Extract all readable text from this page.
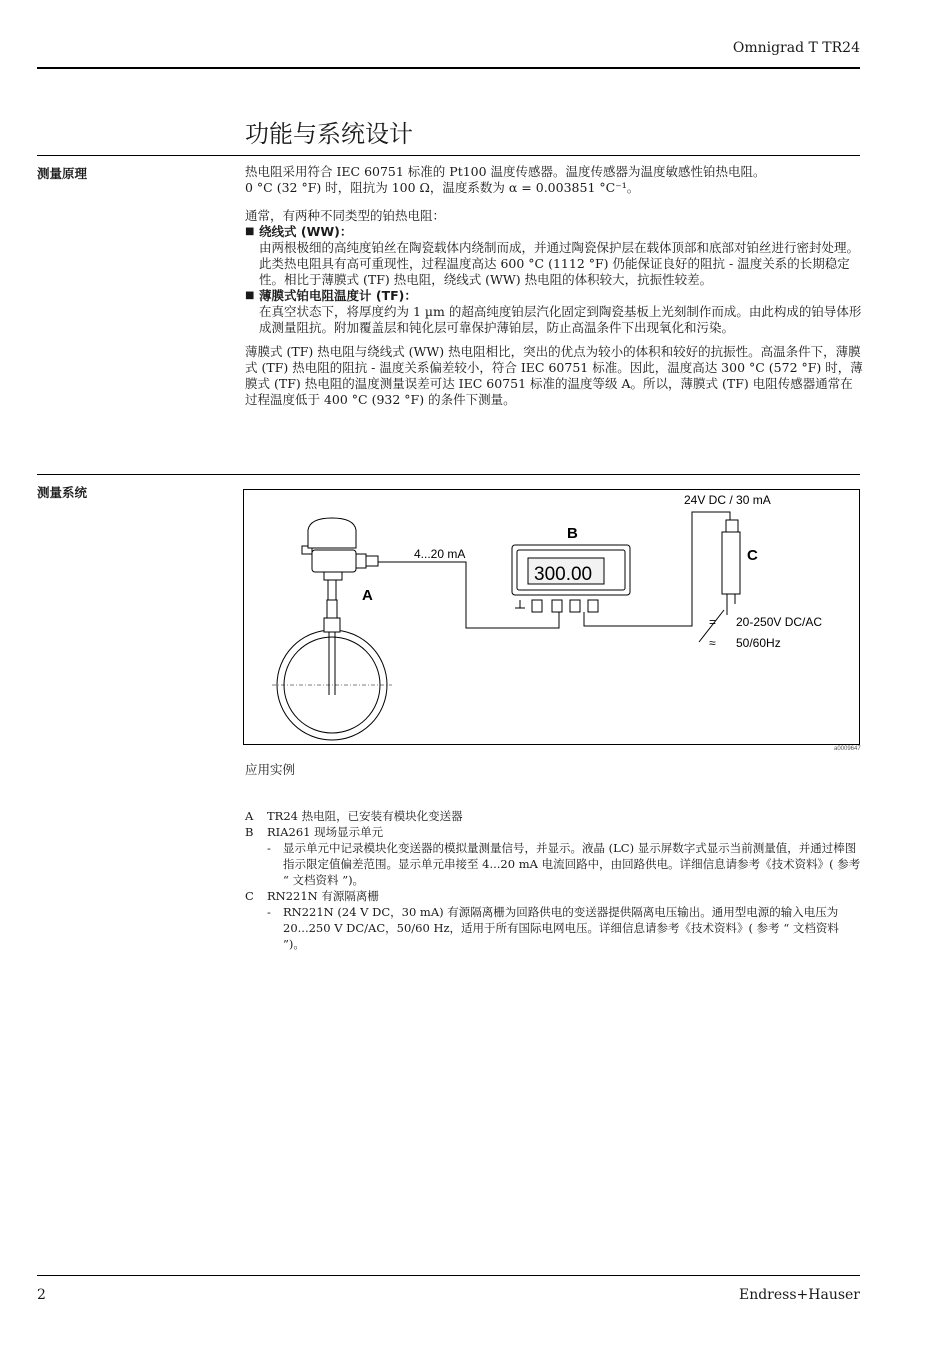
Omnigrad T TR24
功能与系统设计
测量原理	热电阻采用符合 IEC 60751 标准的 Pt100 温度传感器。温度传感器为温度敏感性铂热电阻。

0 °C (32 °F) 时，阻抗为 100 Ω，温度系数为 α = 0.003851 °C⁻¹。

通常，有两种不同类型的铂热电阻：

■ 绕线式 (WW)：

由两根极细的高纯度铂丝在陶瓷载体内绕制而成，并通过陶瓷保护层在载体顶部和底部对铂丝进行密封处理。此类热电阻具有高可重现性，过程温度高达 600 °C (1112 °F) 仍能保证良好的阻抗 - 温度关系的长期稳定性。相比于薄膜式 (TF) 热电阻，绕线式 (WW) 热电阻的体积较大，抗振性较差。

■ 薄膜式铂电阻温度计 (TF)：

在真空状态下，将厚度约为 1 µm 的超高纯度铂层汽化固定到陶瓷基板上光刻制作而成。由此构成的铂导体形成测量阻抗。附加覆盖层和钝化层可靠保护薄铂层，防止高温条件下出现氧化和污染。

薄膜式 (TF) 热电阻与绕线式 (WW) 热电阻相比，突出的优点为较小的体积和较好的抗振性。高温条件下，薄膜式 (TF) 热电阻的阻抗 - 温度关系偏差较小，符合 IEC 60751 标准。因此，温度高达 300 °C (572 °F) 时，薄膜式 (TF) 热电阻的温度测量误差可达 IEC 60751 标准的温度等级 A。所以，薄膜式 (TF) 电阻传感器通常在过程温度低于 400 °C (932 °F) 的条件下测量。

测量系统
300.00
4...20 mA
24V DC / 30 mA
20-250V DC/AC
50/60Hz
=
≈
A
B
C
a0009647
应用实例
A	TR24 热电阻，已安装有模块化变送器
B	RIA261 现场显示单元
-	显示单元中记录模块化变送器的模拟量测量信号，并显示。液晶 (LC) 显示屏数字式显示当前测量值，并通过棒图指示限定值偏差范围。显示单元串接至 4...20 mA 电流回路中，由回路供电。详细信息请参考《技术资料》( 参考 “ 文档资料 ”)。
C	RN221N 有源隔离栅
-	RN221N (24 V DC，30 mA) 有源隔离栅为回路供电的变送器提供隔离电压输出。通用型电源的输入电压为 20...250 V DC/AC，50/60 Hz，适用于所有国际电网电压。详细信息请参考《技术资料》( 参考 “ 文档资料 ”)。
2	Endress+Hauser
